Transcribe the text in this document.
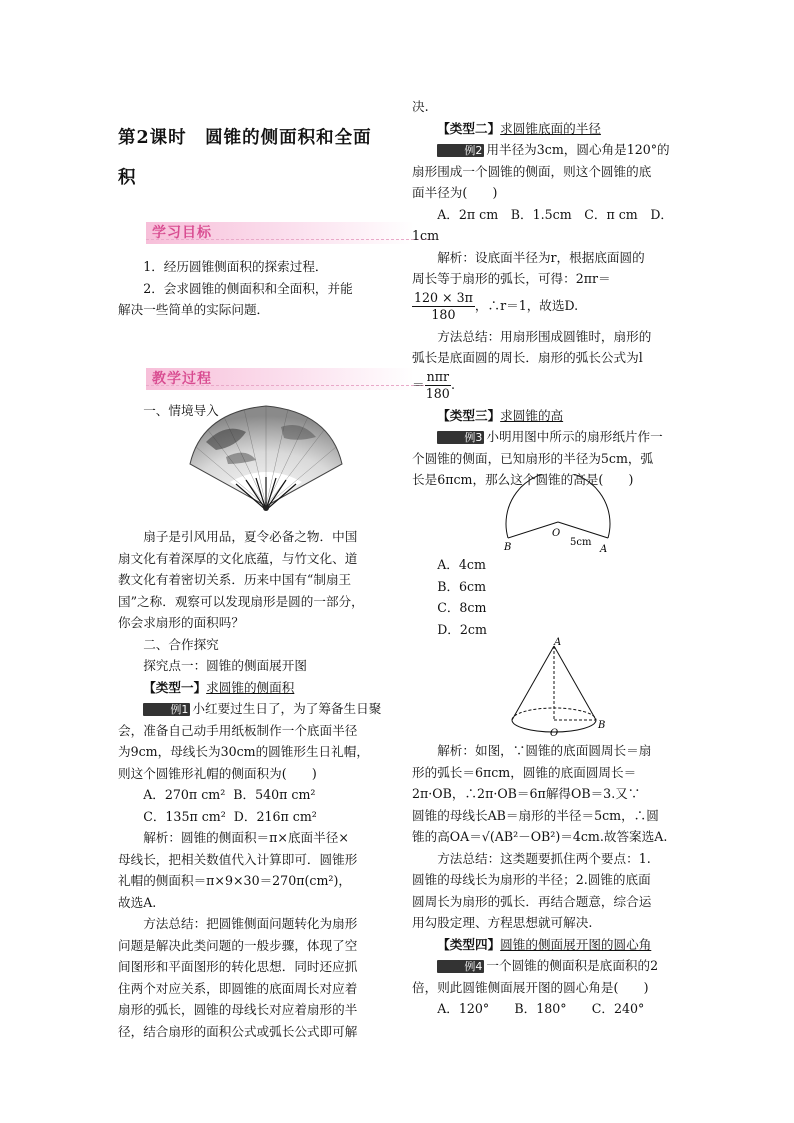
第2课时　圆锥的侧面积和全面
积
学习目标
1．经历圆锥侧面积的探索过程．
2．会求圆锥的侧面积和全面积，并能
解决一些简单的实际问题．
教学过程
一、情境导入
扇子是引风用品，夏令必备之物．中国
扇文化有着深厚的文化底蕴，与竹文化、道
教文化有着密切关系．历来中国有“制扇王
国”之称．观察可以发现扇形是圆的一部分，
你会求扇形的面积吗？
二、合作探究
探究点一：圆锥的侧面展开图
【类型一】求圆锥的侧面积
例1 小红要过生日了，为了筹备生日聚
会，准备自己动手用纸板制作一个底面半径
为9cm，母线长为30cm的圆锥形生日礼帽，
则这个圆锥形礼帽的侧面积为(　　)
A．270π cm² B．540π cm²
C．135π cm² D．216π cm²
解析：圆锥的侧面积＝π×底面半径×
母线长，把相关数值代入计算即可．圆锥形
礼帽的侧面积＝π×9×30＝270π(cm²)，
故选A.
方法总结：把圆锥侧面问题转化为扇形
问题是解决此类问题的一般步骤，体现了空
间图形和平面图形的转化思想．同时还应抓
住两个对应关系，即圆锥的底面周长对应着
扇形的弧长，圆锥的母线长对应着扇形的半
径，结合扇形的面积公式或弧长公式即可解
决.
【类型二】求圆锥底面的半径
例2 用半径为3cm，圆心角是120°的
扇形围成一个圆锥的侧面，则这个圆锥的底
面半径为(　　)
A．2π cm　B．1.5cm　C．π cm　D．1cm
解析：设底面半径为r，根据底面圆的
周长等于扇形的弧长，可得：2πr＝
$\frac{120 \times 3\pi}{180}$ ，∴r＝1，故选D.
方法总结：用扇形围成圆锥时，扇形的
弧长是底面圆的周长．扇形的弧长公式为l
＝ $\frac{\text{nπr}}{180}$ .
【类型三】求圆锥的高
例3 小明用图中所示的扇形纸片作一
个圆锥的侧面，已知扇形的半径为5cm，弧
长是6πcm，那么这个圆锥的高是(　　)
O
B	A
5cm
A．4cm
B．6cm
C．8cm
D．2cm
A
B
O
解析：如图，∵圆锥的底面圆周长＝扇
形的弧长＝6πcm，圆锥的底面圆周长＝
2π·OB，∴2π·OB＝6π解得OB＝3.又∵
圆锥的母线长AB＝扇形的半径＝5cm，∴圆
锥的高OA＝√(AB²－OB²)＝4cm.故答案选A.
方法总结：这类题要抓住两个要点：1.
圆锥的母线长为扇形的半径；2.圆锥的底面
圆周长为扇形的弧长．再结合题意，综合运
用勾股定理、方程思想就可解决.
【类型四】圆锥的侧面展开图的圆心角
例4 一个圆锥的侧面积是底面积的2
倍，则此圆锥侧面展开图的圆心角是(　　)
A．120°　　B．180°　　C．240°
